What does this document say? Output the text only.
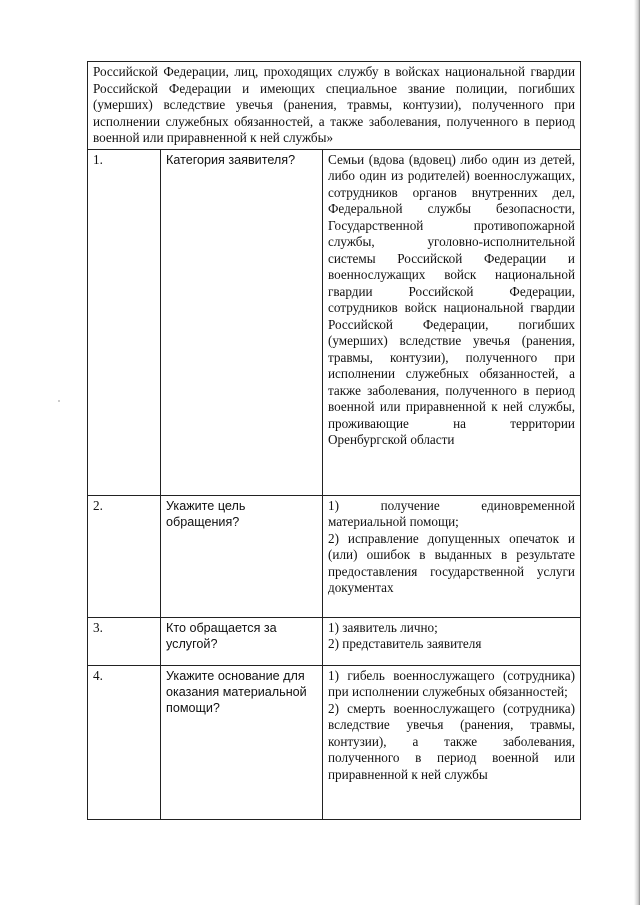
Российской Федерации, лиц, проходящих службу в войсках национальной гвардии Российской Федерации и имеющих специальное звание полиции, погибших (умерших) вследствие увечья (ранения, травмы, контузии), полученного при исполнении служебных обязанностей, а также заболевания, полученного в период военной или приравненной к ней службы»		
1.	Категория заявителя?	Семьи (вдова (вдовец) либо один из детей, либо один из родителей) военнослужащих, сотрудников органов внутренних дел, Федеральной службы безопасности, Государственной противопожарной службы, уголовно-исполнительной системы Российской Федерации и военнослужащих войск национальной гвардии Российской Федерации, сотрудников войск национальной гвардии Российской Федерации, погибших (умерших) вследствие увечья (ранения, травмы, контузии), полученного при исполнении служебных обязанностей, а также заболевания, полученного в период военной или приравненной к ней службы, проживающие на территории Оренбургской области

2.	Укажите цель обращения?	1) получение единовременной материальной помощи;
2) исправление допущенных опечаток и (или) ошибок в выданных в результате предоставления государственной услуги документах

3.	Кто обращается за услугой?	1) заявитель лично;
2) представитель заявителя

4.	Укажите основание для оказания материальной помощи?	1) гибель военнослужащего (сотрудника) при исполнении служебных обязанностей;
2) смерть военнослужащего (сотрудника) вследствие увечья (ранения, травмы, контузии), а также заболевания, полученного в период военной или приравненной к ней службы
